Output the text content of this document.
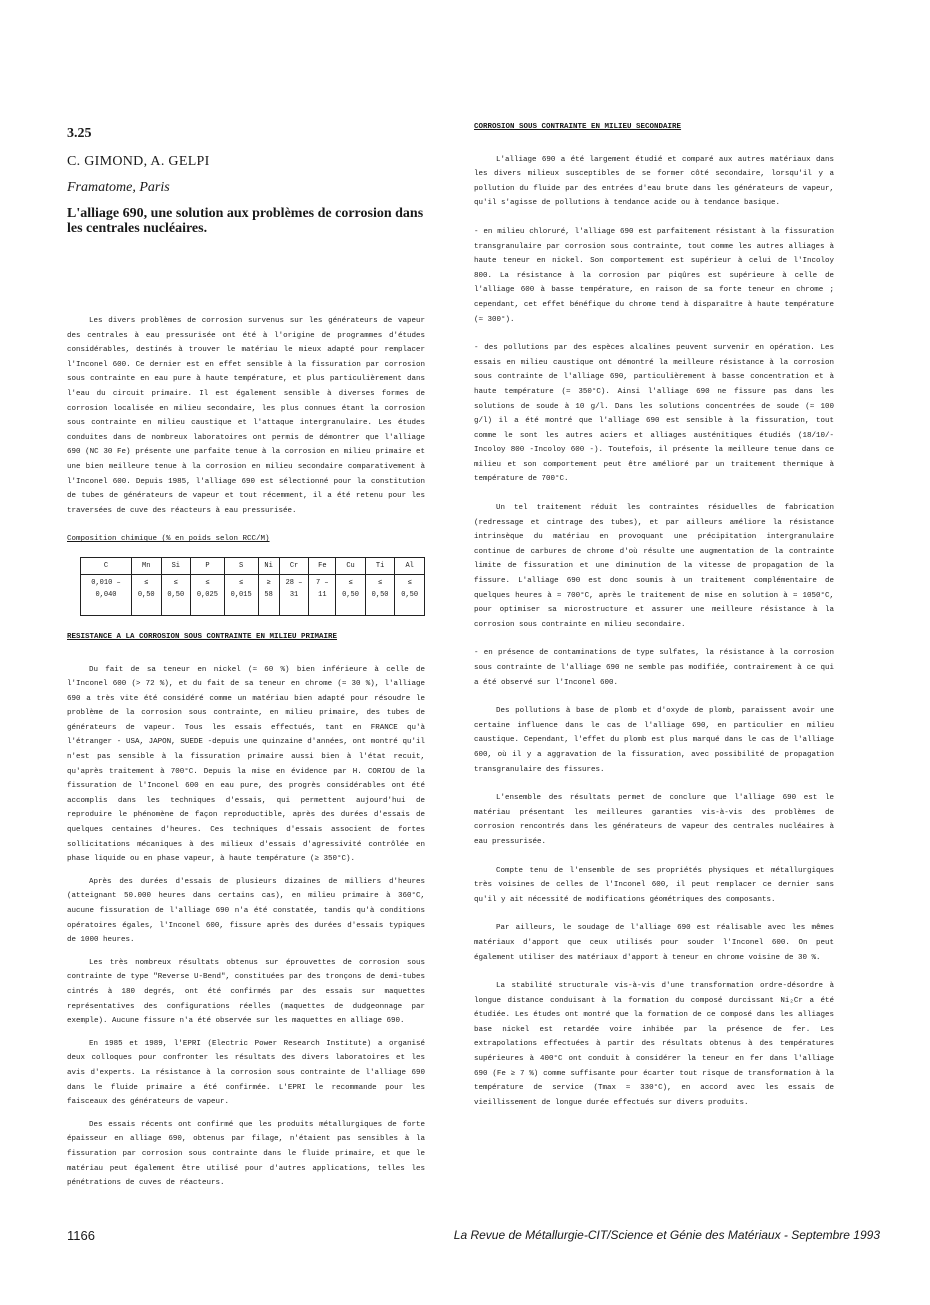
3.25
C. GIMOND, A. GELPI
Framatome, Paris
L'alliage 690, une solution aux problèmes de corrosion dans les centrales nucléaires.

Les divers problèmes de corrosion survenus sur les générateurs de vapeur des centrales à eau pressurisée ont été à l'origine de programmes d'études considérables, destinés à trouver le matériau le mieux adapté pour remplacer l'Inconel 600. Ce dernier est en effet sensible à la fissuration par corrosion sous contrainte en eau pure à haute température, et plus particulièrement dans l'eau du circuit primaire. Il est également sensible à diverses formes de corrosion localisée en milieu secondaire, les plus connues étant la corrosion sous contrainte en milieu caustique et l'attaque intergranulaire. Les études conduites dans de nombreux laboratoires ont permis de démontrer que l'alliage 690 (NC 30 Fe) présente une parfaite tenue à la corrosion en milieu primaire et une bien meilleure tenue à la corrosion en milieu secondaire comparativement à l'Inconel 600. Depuis 1985, l'alliage 690 est sélectionné pour la constitution de tubes de générateurs de vapeur et tout récemment, il a été retenu pour les traversées de cuve des réacteurs à eau pressurisée.

Composition chimique (% en poids selon RCC/M)

C	Mn	Si	P	S	Ni	Cr	Fe	Cu	Ti	Al
0,010 – 0,040	≤ 0,50	≤ 0,50	≤ 0,025	≤ 0,015	≥ 58	28 – 31	7 – 11	≤ 0,50	≤ 0,50	≤ 0,50

RESISTANCE A LA CORROSION SOUS CONTRAINTE EN MILIEU PRIMAIRE

Du fait de sa teneur en nickel (≈ 60 %) bien inférieure à celle de l'Inconel 600 (> 72 %), et du fait de sa teneur en chrome (≈ 30 %), l'alliage 690 a très vite été considéré comme un matériau bien adapté pour résoudre le problème de la corrosion sous contrainte, en milieu primaire, des tubes de générateurs de vapeur. Tous les essais effectués, tant en FRANCE qu'à l'étranger - USA, JAPON, SUEDE -depuis une quinzaine d'années, ont montré qu'il n'est pas sensible à la fissuration primaire aussi bien à l'état recuit, qu'après traitement à 700°C. Depuis la mise en évidence par H. CORIOU de la fissuration de l'Inconel 600 en eau pure, des progrès considérables ont été accomplis dans les techniques d'essais, qui permettent aujourd'hui de reproduire le phénomène de façon reproductible, après des durées d'essais de quelques centaines d'heures. Ces techniques d'essais associent de fortes sollicitations mécaniques à des milieux d'essais d'agressivité contrôlée en phase liquide ou en phase vapeur, à haute température (≥ 350°C).

Après des durées d'essais de plusieurs dizaines de milliers d'heures (atteignant 50.000 heures dans certains cas), en milieu primaire à 360°C, aucune fissuration de l'alliage 690 n'a été constatée, tandis qu'à conditions opératoires égales, l'Inconel 600, fissure après des durées d'essais typiques de 1000 heures.

Les très nombreux résultats obtenus sur éprouvettes de corrosion sous contrainte de type "Reverse U-Bend", constituées par des tronçons de demi-tubes cintrés à 180 degrés, ont été confirmés par des essais sur maquettes représentatives des configurations réelles (maquettes de dudgeonnage par exemple). Aucune fissure n'a été observée sur les maquettes en alliage 690.

En 1985 et 1989, l'EPRI (Electric Power Research Institute) a organisé deux colloques pour confronter les résultats des divers laboratoires et les avis d'experts. La résistance à la corrosion sous contrainte de l'alliage 690 dans le fluide primaire a été confirmée. L'EPRI le recommande pour les faisceaux des générateurs de vapeur.

Des essais récents ont confirmé que les produits métallurgiques de forte épaisseur en alliage 690, obtenus par filage, n'étaient pas sensibles à la fissuration par corrosion sous contrainte dans le fluide primaire, et que le matériau peut également être utilisé pour d'autres applications, telles les pénétrations de cuves de réacteurs.

CORROSION SOUS CONTRAINTE EN MILIEU SECONDAIRE

L'alliage 690 a été largement étudié et comparé aux autres matériaux dans les divers milieux susceptibles de se former côté secondaire, lorsqu'il y a pollution du fluide par des entrées d'eau brute dans les générateurs de vapeur, qu'il s'agisse de pollutions à tendance acide ou à tendance basique.

- en milieu chloruré, l'alliage 690 est parfaitement résistant à la fissuration transgranulaire par corrosion sous contrainte, tout comme les autres alliages à haute teneur en nickel. Son comportement est supérieur à celui de l'Incoloy 800. La résistance à la corrosion par piqûres est supérieure à celle de l'alliage 600 à basse température, en raison de sa forte teneur en chrome ; cependant, cet effet bénéfique du chrome tend à disparaître à haute température (≈ 300°).

- des pollutions par des espèces alcalines peuvent survenir en opération. Les essais en milieu caustique ont démontré la meilleure résistance à la corrosion sous contrainte de l'alliage 690, particulièrement à basse concentration et à haute température (≈ 350°C). Ainsi l'alliage 690 ne fissure pas dans les solutions de soude à 10 g/l. Dans les solutions concentrées de soude (≈ 100 g/l) il a été montré que l'alliage 690 est sensible à la fissuration, tout comme le sont les autres aciers et alliages austénitiques étudiés (18/10/-Incoloy 800 -Incoloy 600 -). Toutefois, il présente la meilleure tenue dans ce milieu et son comportement peut être amélioré par un traitement thermique à température de 700°C.

Un tel traitement réduit les contraintes résiduelles de fabrication (redressage et cintrage des tubes), et par ailleurs améliore la résistance intrinsèque du matériau en provoquant une précipitation intergranulaire continue de carbures de chrome d'où résulte une augmentation de la contrainte limite de fissuration et une diminution de la vitesse de propagation de la fissure. L'alliage 690 est donc soumis à un traitement complémentaire de quelques heures à ≈ 700°C, après le traitement de mise en solution à ≈ 1050°C, pour optimiser sa microstructure et assurer une meilleure résistance à la corrosion sous contrainte en milieu secondaire.

- en présence de contaminations de type sulfates, la résistance à la corrosion sous contrainte de l'alliage 690 ne semble pas modifiée, contrairement à ce qui a été observé sur l'Inconel 600.

Des pollutions à base de plomb et d'oxyde de plomb, paraissent avoir une certaine influence dans le cas de l'alliage 690, en particulier en milieu caustique. Cependant, l'effet du plomb est plus marqué dans le cas de l'alliage 600, où il y a aggravation de la fissuration, avec possibilité de propagation transgranulaire des fissures.

L'ensemble des résultats permet de conclure que l'alliage 690 est le matériau présentant les meilleures garanties vis-à-vis des problèmes de corrosion rencontrés dans les générateurs de vapeur des centrales nucléaires à eau pressurisée.

Compte tenu de l'ensemble de ses propriétés physiques et métallurgiques très voisines de celles de l'Inconel 600, il peut remplacer ce dernier sans qu'il y ait nécessité de modifications géométriques des composants.

Par ailleurs, le soudage de l'alliage 690 est réalisable avec les mêmes matériaux d'apport que ceux utilisés pour souder l'Inconel 600. On peut également utiliser des matériaux d'apport à teneur en chrome voisine de 30 %.

La stabilité structurale vis-à-vis d'une transformation ordre-désordre à longue distance conduisant à la formation du composé durcissant Ni₂Cr a été étudiée. Les études ont montré que la formation de ce composé dans les alliages base nickel est retardée voire inhibée par la présence de fer. Les extrapolations effectuées à partir des résultats obtenus à des températures supérieures à 400°C ont conduit à considérer la teneur en fer dans l'alliage 690 (Fe ≥ 7 %) comme suffisante pour écarter tout risque de transformation à la température de service (Tmax ≈ 330°C), en accord avec les essais de vieillissement de longue durée effectués sur divers produits.

1166	La Revue de Métallurgie-CIT/Science et Génie des Matériaux - Septembre 1993
